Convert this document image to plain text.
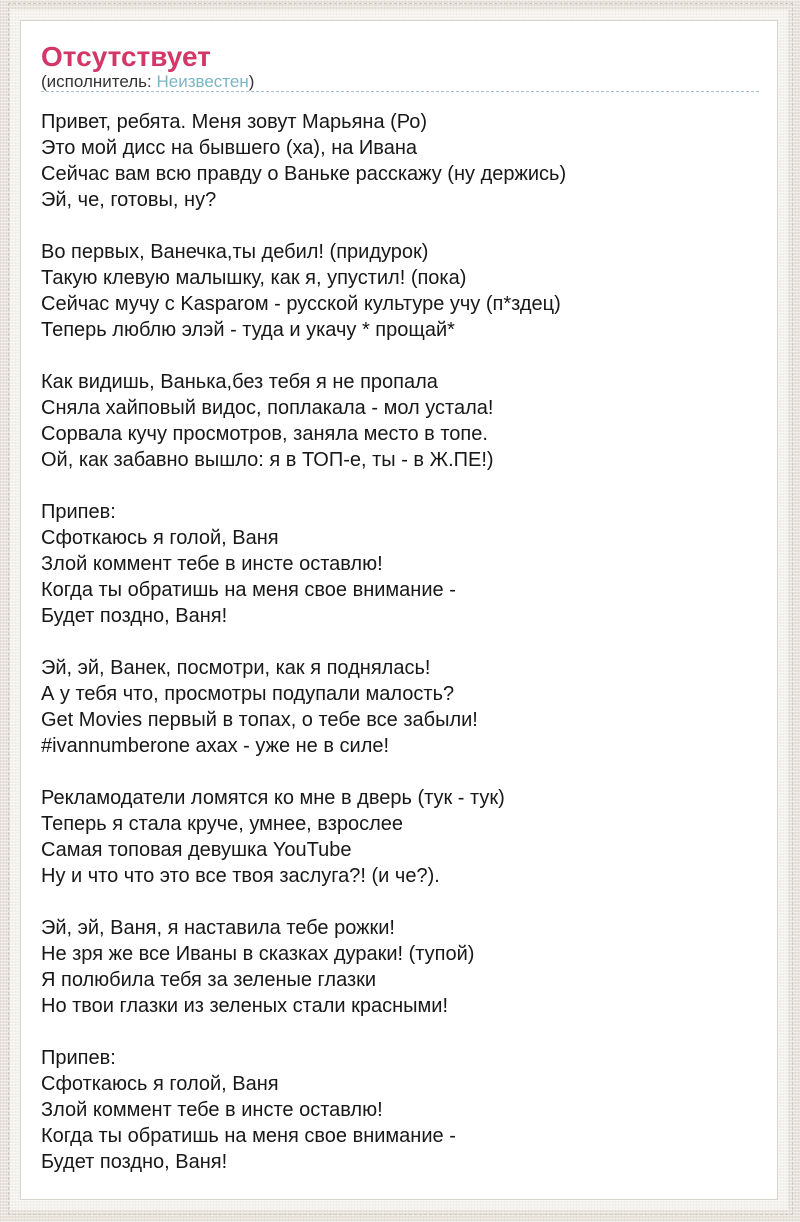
Отсутствует
(исполнитель: Неизвестен)

Привет, ребята. Меня зовут Марьяна (Ро)
Это мой дисс на бывшего (ха), на Ивана
Сейчас вам всю правду о Ваньке расскажу (ну держись)
Эй, че, готовы, ну?

Во первых, Ванечка,ты дебил! (придурок)
Такую клевую малышку, как я, упустил! (пока)
Сейчас мучу с Kasparом - русской культуре учу (п*здец)
Теперь люблю элэй - туда и укачу * прощай*

Как видишь, Ванька,без тебя я не пропала
Сняла хайповый видос, поплакала - мол устала!
Сорвала кучу просмотров, заняла место в топе.
Ой, как забавно вышло: я в ТОП-е, ты - в Ж.ПЕ!)

Припев:
Сфоткаюсь я голой, Ваня
Злой коммент тебе в инсте оставлю!
Когда ты обратишь на меня свое внимание -
Будет поздно, Ваня!

Эй, эй, Ванек, посмотри, как я поднялась!
А у тебя что, просмотры подупали малость?
Get Movies первый в топах, о тебе все забыли!
#ivannumberone ахах - уже не в силе!

Рекламодатели ломятся ко мне в дверь (тук - тук)
Теперь я стала круче, умнее, взрослее
Самая топовая девушка YouTube
Ну и что что это все твоя заслуга?! (и че?).

Эй, эй, Ваня, я наставила тебе рожки!
Не зря же все Иваны в сказках дураки! (тупой)
Я полюбила тебя за зеленые глазки
Но твои глазки из зеленых стали красными!

Припев:
Сфоткаюсь я голой, Ваня
Злой коммент тебе в инсте оставлю!
Когда ты обратишь на меня свое внимание -
Будет поздно, Ваня!
